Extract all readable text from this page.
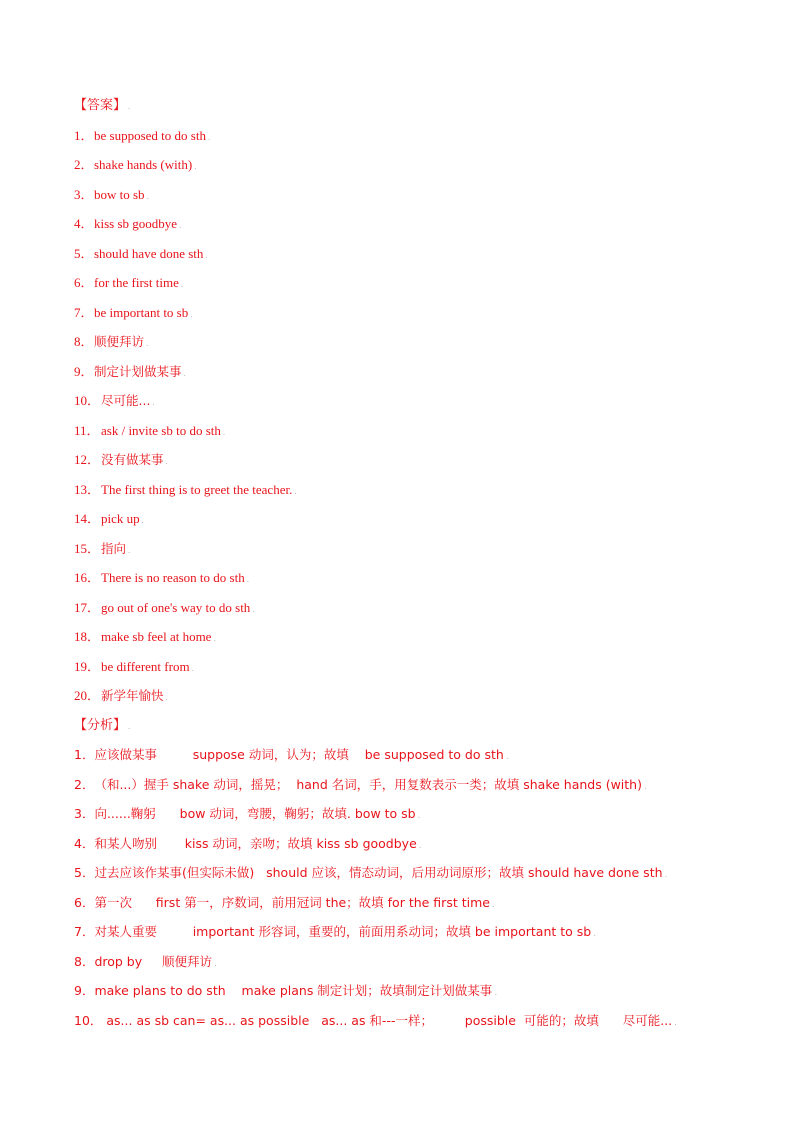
【答案】 .
1．be supposed to do sth .
2．shake hands (with) .
3．bow to sb .
4．kiss sb goodbye .
5．should have done sth .
6．for the first time .
7．be important to sb .
8．顺便拜访 .
9．制定计划做某事 .
10．尽可能... .
11．ask / invite sb to do sth .
12．没有做某事 .
13．The first thing is to greet the teacher. .
14．pick up .
15．指向 .
16．There is no reason to do sth .
17．go out of one's way to do sth .
18．make sb feel at home .
19．be different from .
20．新学年愉快 .
【分析】 .
1．应该做某事         suppose 动词，认为；故填    be supposed to do sth .
2．（和...）握手 shake 动词，摇晃；  hand 名词，手，用复数表示一类；故填 shake hands (with) .
3．向......鞠躬      bow 动词，弯腰，鞠躬；故填. bow to sb .
4．和某人吻别       kiss 动词，亲吻；故填 kiss sb goodbye .
5．过去应该作某事(但实际未做)   should 应该，情态动词，后用动词原形；故填 should have done sth .
6．第一次      first 第一，序数词，前用冠词 the；故填 for the first time .
7．对某人重要         important 形容词，重要的，前面用系动词；故填 be important to sb .
8．drop by     顺便拜访 .
9．make plans to do sth    make plans 制定计划；故填制定计划做某事 .
10． as... as sb can= as... as possible   as... as 和---一样；        possible  可能的；故填      尽可能... .
